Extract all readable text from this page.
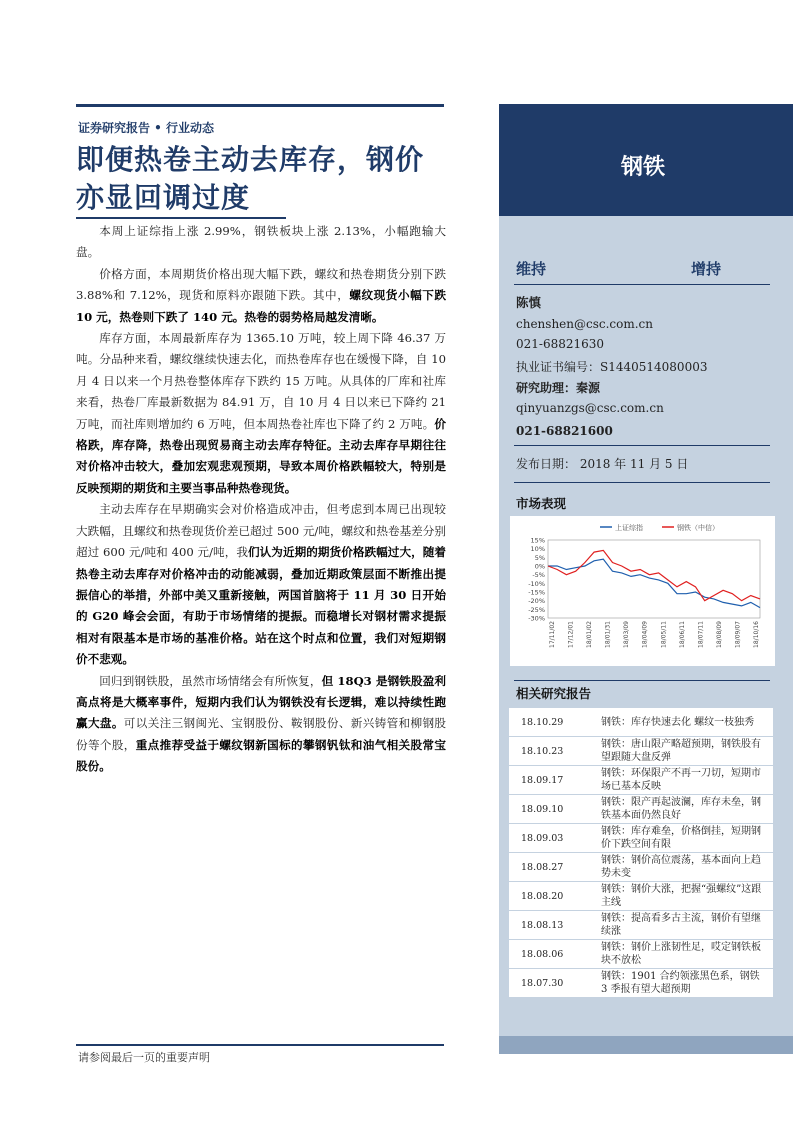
证券研究报告 • 行业动态
即便热卷主动去库存，钢价
亦显回调过度

本周上证综指上涨 2.99%，钢铁板块上涨 2.13%，小幅跑输大盘。

价格方面，本周期货价格出现大幅下跌，螺纹和热卷期货分别下跌 3.88%和 7.12%，现货和原料亦跟随下跌。其中，螺纹现货小幅下跌 10 元，热卷则下跌了 140 元。热卷的弱势格局越发清晰。

库存方面，本周最新库存为 1365.10 万吨，较上周下降 46.37 万吨。分品种来看，螺纹继续快速去化，而热卷库存也在缓慢下降，自 10 月 4 日以来一个月热卷整体库存下跌约 15 万吨。从具体的厂库和社库来看，热卷厂库最新数据为 84.91 万，自 10 月 4 日以来已下降约 21 万吨，而社库则增加约 6 万吨，但本周热卷社库也下降了约 2 万吨。价格跌，库存降，热卷出现贸易商主动去库存特征。主动去库存早期往往对价格冲击较大，叠加宏观悲观预期，导致本周价格跌幅较大，特别是反映预期的期货和主要当事品种热卷现货。

主动去库存在早期确实会对价格造成冲击，但考虑到本周已出现较大跌幅，且螺纹和热卷现货价差已超过 500 元/吨，螺纹和热卷基差分别超过 600 元/吨和 400 元/吨，我们认为近期的期货价格跌幅过大，随着热卷主动去库存对价格冲击的动能减弱，叠加近期政策层面不断推出提振信心的举措，外部中美又重新接触，两国首脑将于 11 月 30 日开始的 G20 峰会会面，有助于市场情绪的提振。而稳增长对钢材需求提振相对有限基本是市场的基准价格。站在这个时点和位置，我们对短期钢价不悲观。

回归到钢铁股，虽然市场情绪会有所恢复，但 18Q3 是钢铁股盈利高点将是大概率事件，短期内我们认为钢铁没有长逻辑，难以持续性跑赢大盘。可以关注三钢闽光、宝钢股份、鞍钢股份、新兴铸管和柳钢股份等个股，重点推荐受益于螺纹钢新国标的攀钢钒钛和油气相关股常宝股份。

请参阅最后一页的重要声明
钢铁
维持	增持
陈慎
chenshen@csc.com.cn
021-68821630
执业证书编号：S1440514080003
研究助理：秦源
qinyuanzgs@csc.com.cn
021-68821600
发布日期： 2018 年 11 月 5 日
市场表现
上证综指	钢铁（中信）
15%
10%
5%
0%
-5%
-10%
-15%
-20%
-25%
-30%
17/11/02 17/12/01 18/01/02 18/01/31 18/03/09 18/04/09 18/05/11 18/06/11 18/07/11 18/08/09 18/09/07 18/10/16
相关研究报告
18.10.29	钢铁：库存快速去化 螺纹一枝独秀
18.10.23	钢铁：唐山限产略超预期，钢铁股有望跟随大盘反弹
18.09.17	钢铁：环保限产不再一刀切，短期市场已基本反映
18.09.10	钢铁：限产再起波澜，库存未垒，钢铁基本面仍然良好
18.09.03	钢铁：库存难垒，价格倒挂，短期钢价下跌空间有限
18.08.27	钢铁：钢价高位震荡，基本面向上趋势未变
18.08.20	钢铁：钢价大涨，把握“强螺纹”这跟主线
18.08.13	钢铁：提高看多古主流，钢价有望继续涨
18.08.06	钢铁：钢价上涨韧性足，哎定钢铁板块不放松
18.07.30	钢铁：1901 合约领涨黑色系，钢铁 3 季报有望大超预期
